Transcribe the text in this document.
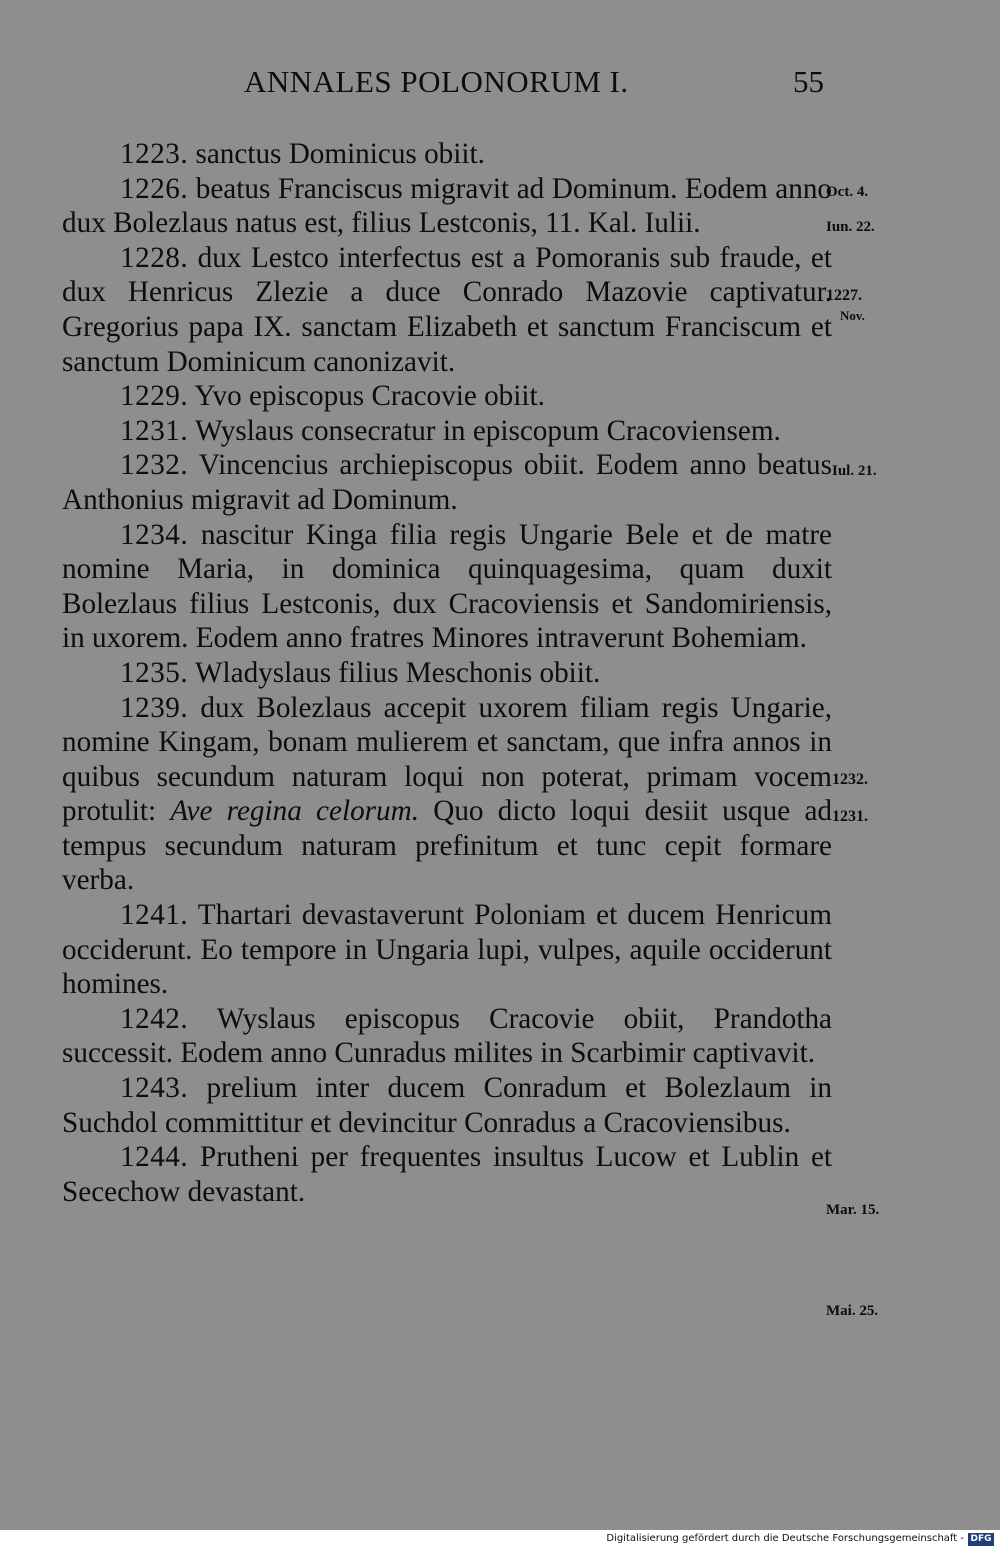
ANNALES POLONORUM I.	55

1223. sanctus Dominicus obiit.

1226. beatus Franciscus migravit ad Dominum. Eodem anno dux Bolezlaus natus est, filius Lestconis, 11. Kal. Iulii.

1228. dux Lestco interfectus est a Pomoranis sub fraude, et dux Henricus Zlezie a duce Conrado Mazovie captivatur. Gregorius papa IX. sanctam Elizabeth et sanctum Franciscum et sanctum Dominicum canonizavit.

1229. Yvo episcopus Cracovie obiit.

1231. Wyslaus consecratur in episcopum Cracoviensem.

1232. Vincencius archiepiscopus obiit. Eodem anno beatus Anthonius migravit ad Dominum.

1234. nascitur Kinga filia regis Ungarie Bele et de matre nomine Maria, in dominica quinquagesima, quam duxit Bolezlaus filius Lestconis, dux Cracoviensis et Sandomiriensis, in uxorem. Eodem anno fratres Minores intraverunt Bohemiam.

1235. Wladyslaus filius Meschonis obiit.

1239. dux Bolezlaus accepit uxorem filiam regis Ungarie, nomine Kingam, bonam mulierem et sanctam, que infra annos in quibus secundum naturam loqui non poterat, primam vocem protulit: Ave regina celorum. Quo dicto loqui desiit usque ad tempus secundum naturam prefinitum et tunc cepit formare verba.

1241. Thartari devastaverunt Poloniam et ducem Henricum occiderunt. Eo tempore in Ungaria lupi, vulpes, aquile occiderunt homines.

1242. Wyslaus episcopus Cracovie obiit, Prandotha successit. Eodem anno Cunradus milites in Scarbimir captivavit.

1243. prelium inter ducem Conradum et Bolezlaum in Suchdol committitur et devincitur Conradus a Cracoviensibus.

1244. Prutheni per frequentes insultus Lucow et Lublin et Secechow devastant.

Oct. 4.
Iun. 22.
1227.
Nov.
Iul. 21.
1232.
1231.
Mar. 15.
Mai. 25.
Digitalisierung gefördert durch die Deutsche Forschungsgemeinschaft - DFG
